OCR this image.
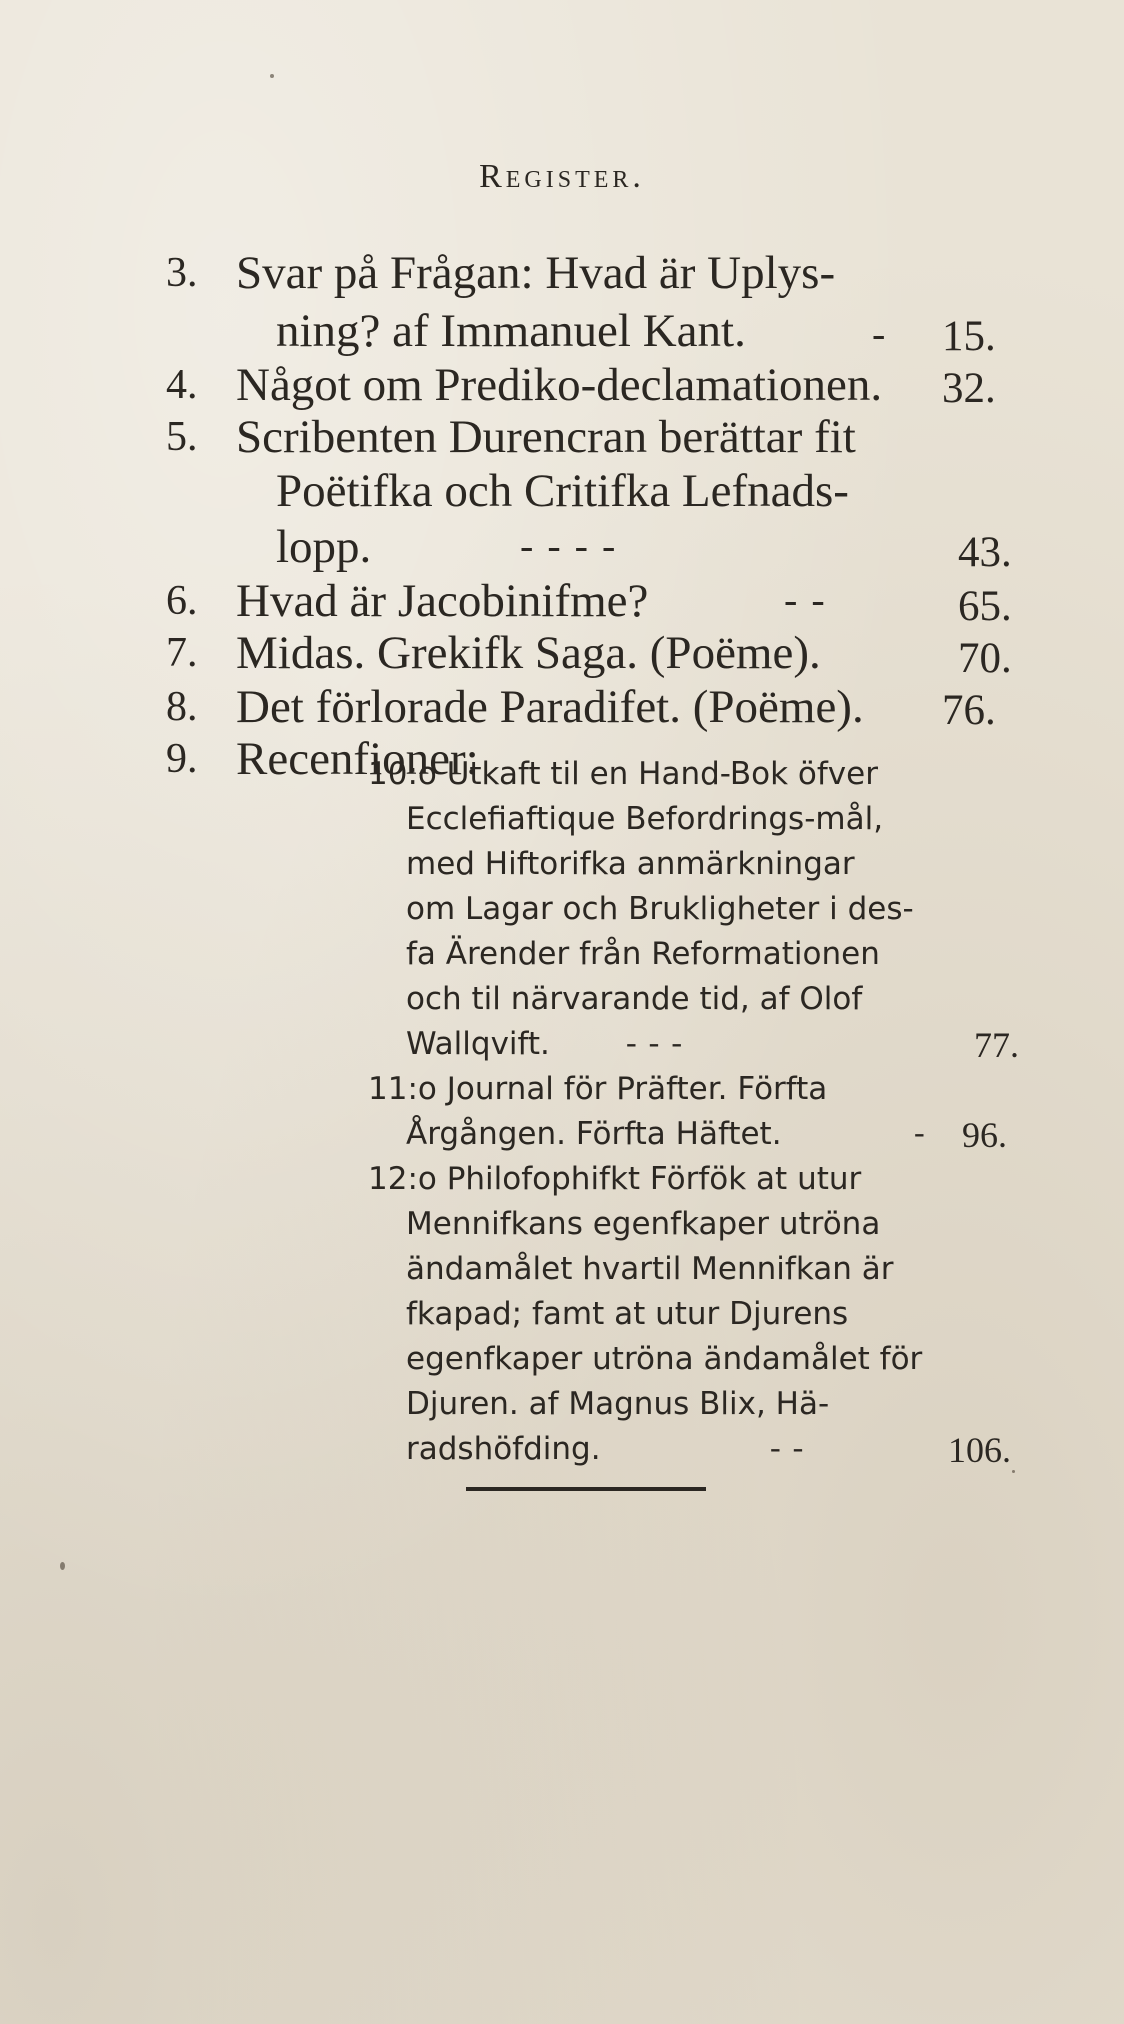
Register.
3. Svar på Frågan: Hvad är Uplys-
ning? af Immanuel Kant.	- 15.
4. Något om Prediko-declamationen. 32.
5. Scribenten Durencran berättar fit
Poëtifka och Critifka Lefnads-
lopp.	- - - -	43.
6. Hvad är Jacobinifme?	- -	65.
7. Midas. Grekifk Saga. (Poëme).	70.
8. Det förlorade Paradifet. (Poëme). 76.
9. Recenfioner:
10:o Utkaft til en Hand-Bok öfver
Ecclefiaftique Befordrings-mål,
med Hiftorifka anmärkningar
om Lagar och Brukligheter i des-
fa Ärender från Reformationen
och til närvarande tid, af Olof
Wallqvift. - - -	77.
11:o Journal för Präfter. Förfta
Årgången. Förfta Häftet.	- 96.
12:o Philofophifkt Förfök at utur
Mennifkans egenfkaper utröna
ändamålet hvartil Mennifkan är
fkapad; famt at utur Djurens
egenfkaper utröna ändamålet för
Djuren. af Magnus Blix, Hä-
radshöfding.	- -	106.
